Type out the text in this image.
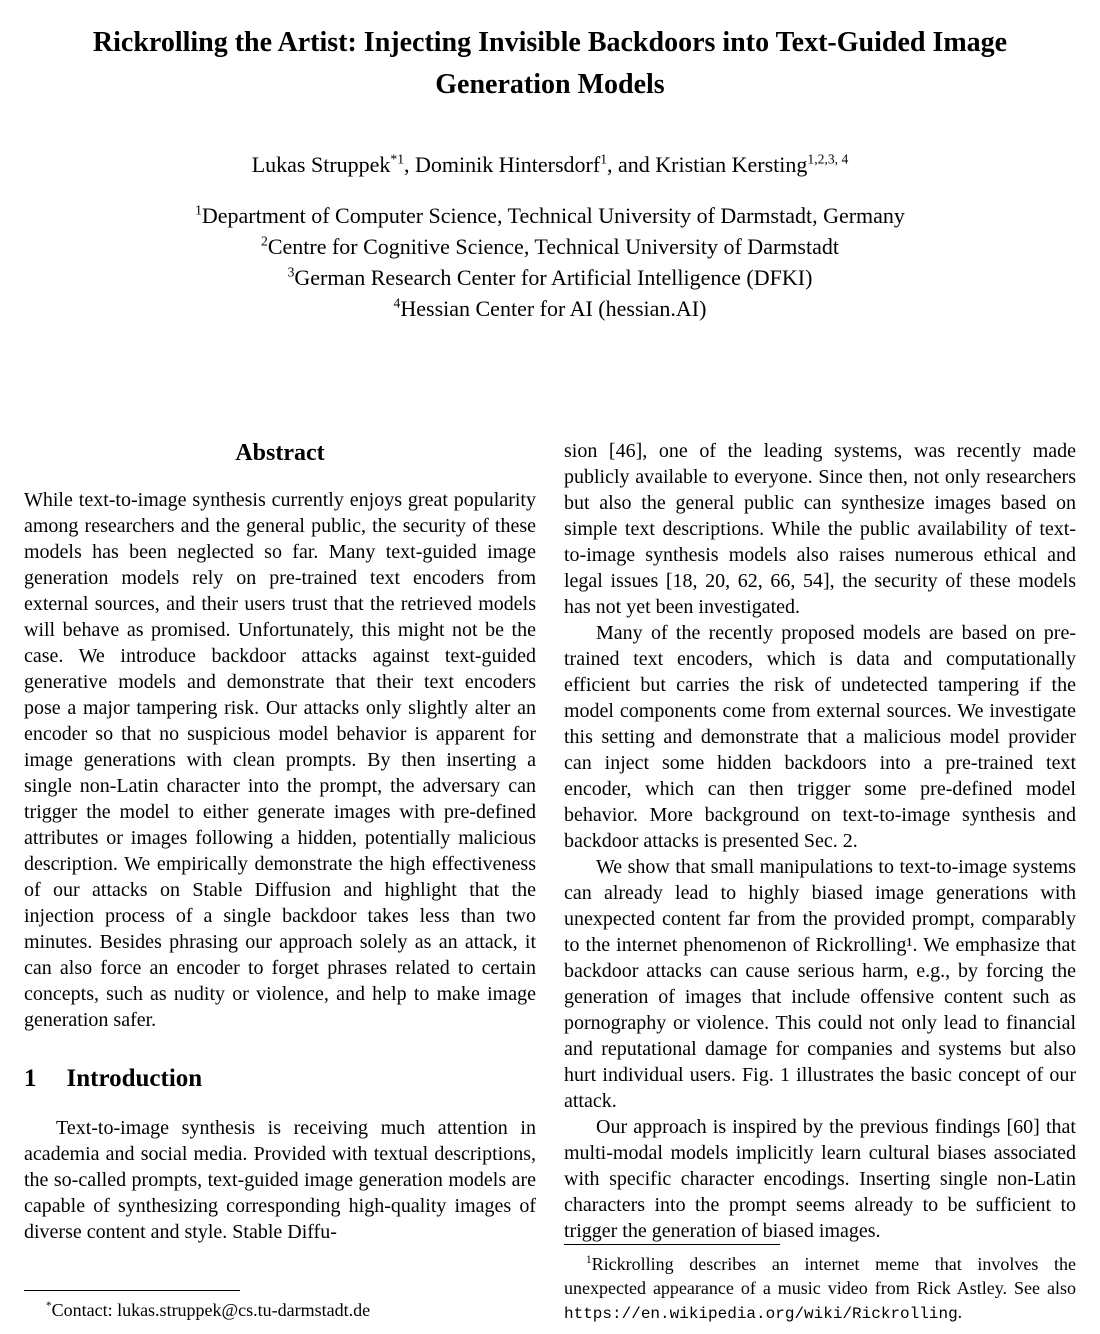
Rickrolling the Artist: Injecting Invisible Backdoors into Text-Guided Image Generation Models
Lukas Struppek$^{*1}$, Dominik Hintersdorf$^1$, and Kristian Kersting$^{1,2,3, 4}$
$^1$Department of Computer Science, Technical University of Darmstadt, Germany
$^2$Centre for Cognitive Science, Technical University of Darmstadt
$^3$German Research Center for Artificial Intelligence (DFKI)
$^4$Hessian Center for AI (hessian.AI)
Abstract

While text-to-image synthesis currently enjoys great popularity among researchers and the general public, the security of these models has been neglected so far. Many text-guided image generation models rely on pre-trained text encoders from external sources, and their users trust that the retrieved models will behave as promised. Unfortunately, this might not be the case. We introduce backdoor attacks against text-guided generative models and demonstrate that their text encoders pose a major tampering risk. Our attacks only slightly alter an encoder so that no suspicious model behavior is apparent for image generations with clean prompts. By then inserting a single non-Latin character into the prompt, the adversary can trigger the model to either generate images with pre-defined attributes or images following a hidden, potentially malicious description. We empirically demonstrate the high effectiveness of our attacks on Stable Diffusion and highlight that the injection process of a single backdoor takes less than two minutes. Besides phrasing our approach solely as an attack, it can also force an encoder to forget phrases related to certain concepts, such as nudity or violence, and help to make image generation safer.

1 Introduction

Text-to-image synthesis is receiving much attention in academia and social media. Provided with textual descriptions, the so-called prompts, text-guided image generation models are capable of synthesizing corresponding high-quality images of diverse content and style. Stable Diffu-

*Contact: lukas.struppek@cs.tu-darmstadt.de

sion [46], one of the leading systems, was recently made publicly available to everyone. Since then, not only researchers but also the general public can synthesize images based on simple text descriptions. While the public availability of text-to-image synthesis models also raises numerous ethical and legal issues [18, 20, 62, 66, 54], the security of these models has not yet been investigated.

Many of the recently proposed models are based on pre-trained text encoders, which is data and computationally efficient but carries the risk of undetected tampering if the model components come from external sources. We investigate this setting and demonstrate that a malicious model provider can inject some hidden backdoors into a pre-trained text encoder, which can then trigger some pre-defined model behavior. More background on text-to-image synthesis and backdoor attacks is presented Sec. 2.

We show that small manipulations to text-to-image systems can already lead to highly biased image generations with unexpected content far from the provided prompt, comparably to the internet phenomenon of Rickrolling¹. We emphasize that backdoor attacks can cause serious harm, e.g., by forcing the generation of images that include offensive content such as pornography or violence. This could not only lead to financial and reputational damage for companies and systems but also hurt individual users. Fig. 1 illustrates the basic concept of our attack.

Our approach is inspired by the previous findings [60] that multi-modal models implicitly learn cultural biases associated with specific character encodings. Inserting single non-Latin characters into the prompt seems already to be sufficient to trigger the generation of biased images.

$^1$Rickrolling describes an internet meme that involves the unexpected appearance of a music video from Rick Astley. See also https://en.wikipedia.org/wiki/Rickrolling.
